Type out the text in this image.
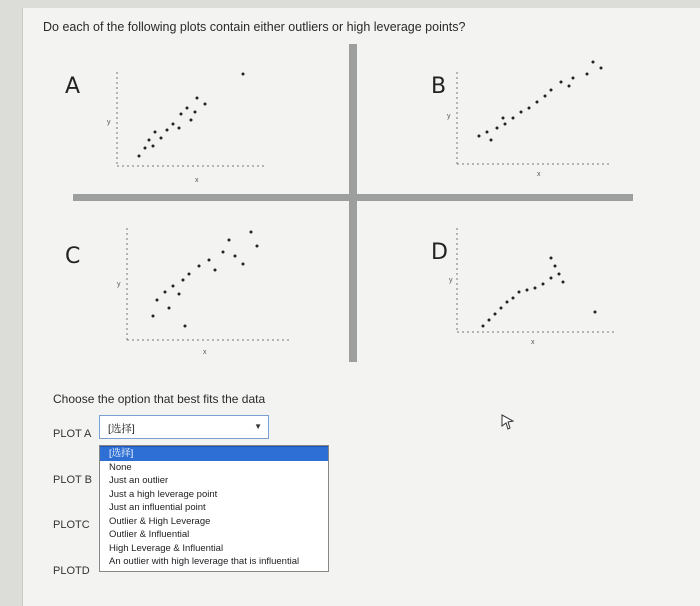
Do each of the following plots contain either outliers or high leverage points?
A
y
x
B
y
x
C
y
x
D
y
x
Choose the option that best fits the data
PLOT A
PLOT B
PLOTC
PLOTD
[选择]	▼
[选择]
None
Just an outlier
Just a high leverage point
Just an influential point
Outlier & High Leverage
Outlier & Influential
High Leverage & Influential
An outlier with high leverage that is influential
